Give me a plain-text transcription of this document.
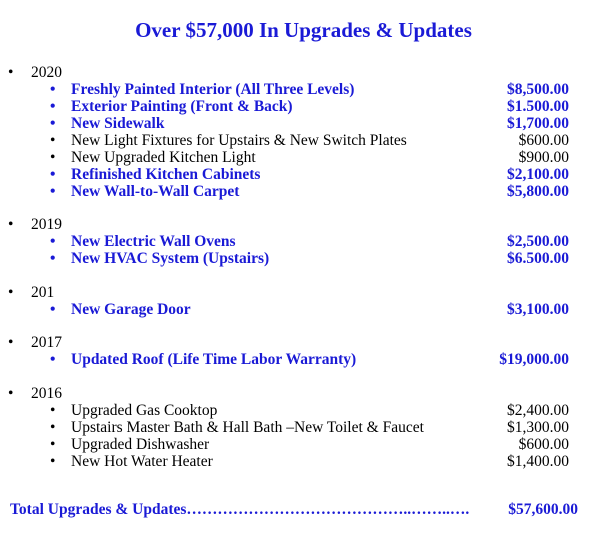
Over $57,000 In Upgrades & Updates
• 2020
• Freshly Painted Interior (All Three Levels)	$8,500.00
• Exterior Painting (Front & Back)	$1.500.00
• New Sidewalk	$1,700.00
• New Light Fixtures for Upstairs & New Switch Plates	$600.00
• New Upgraded Kitchen Light	$900.00
• Refinished Kitchen Cabinets	$2,100.00
• New Wall-to-Wall Carpet	$5,800.00
• 2019
• New Electric Wall Ovens	$2,500.00
• New HVAC System (Upstairs)	$6.500.00
• 201
• New Garage Door	$3,100.00
• 2017
• Updated Roof (Life Time Labor Warranty)	$19,000.00
• 2016
• Upgraded Gas Cooktop	$2,400.00
• Upstairs Master Bath & Hall Bath –New Toilet & Faucet	$1,300.00
• Upgraded Dishwasher	$600.00
• New Hot Water Heater	$1,400.00
Total Upgrades & Updates……………………………………..……..….	$57,600.00
